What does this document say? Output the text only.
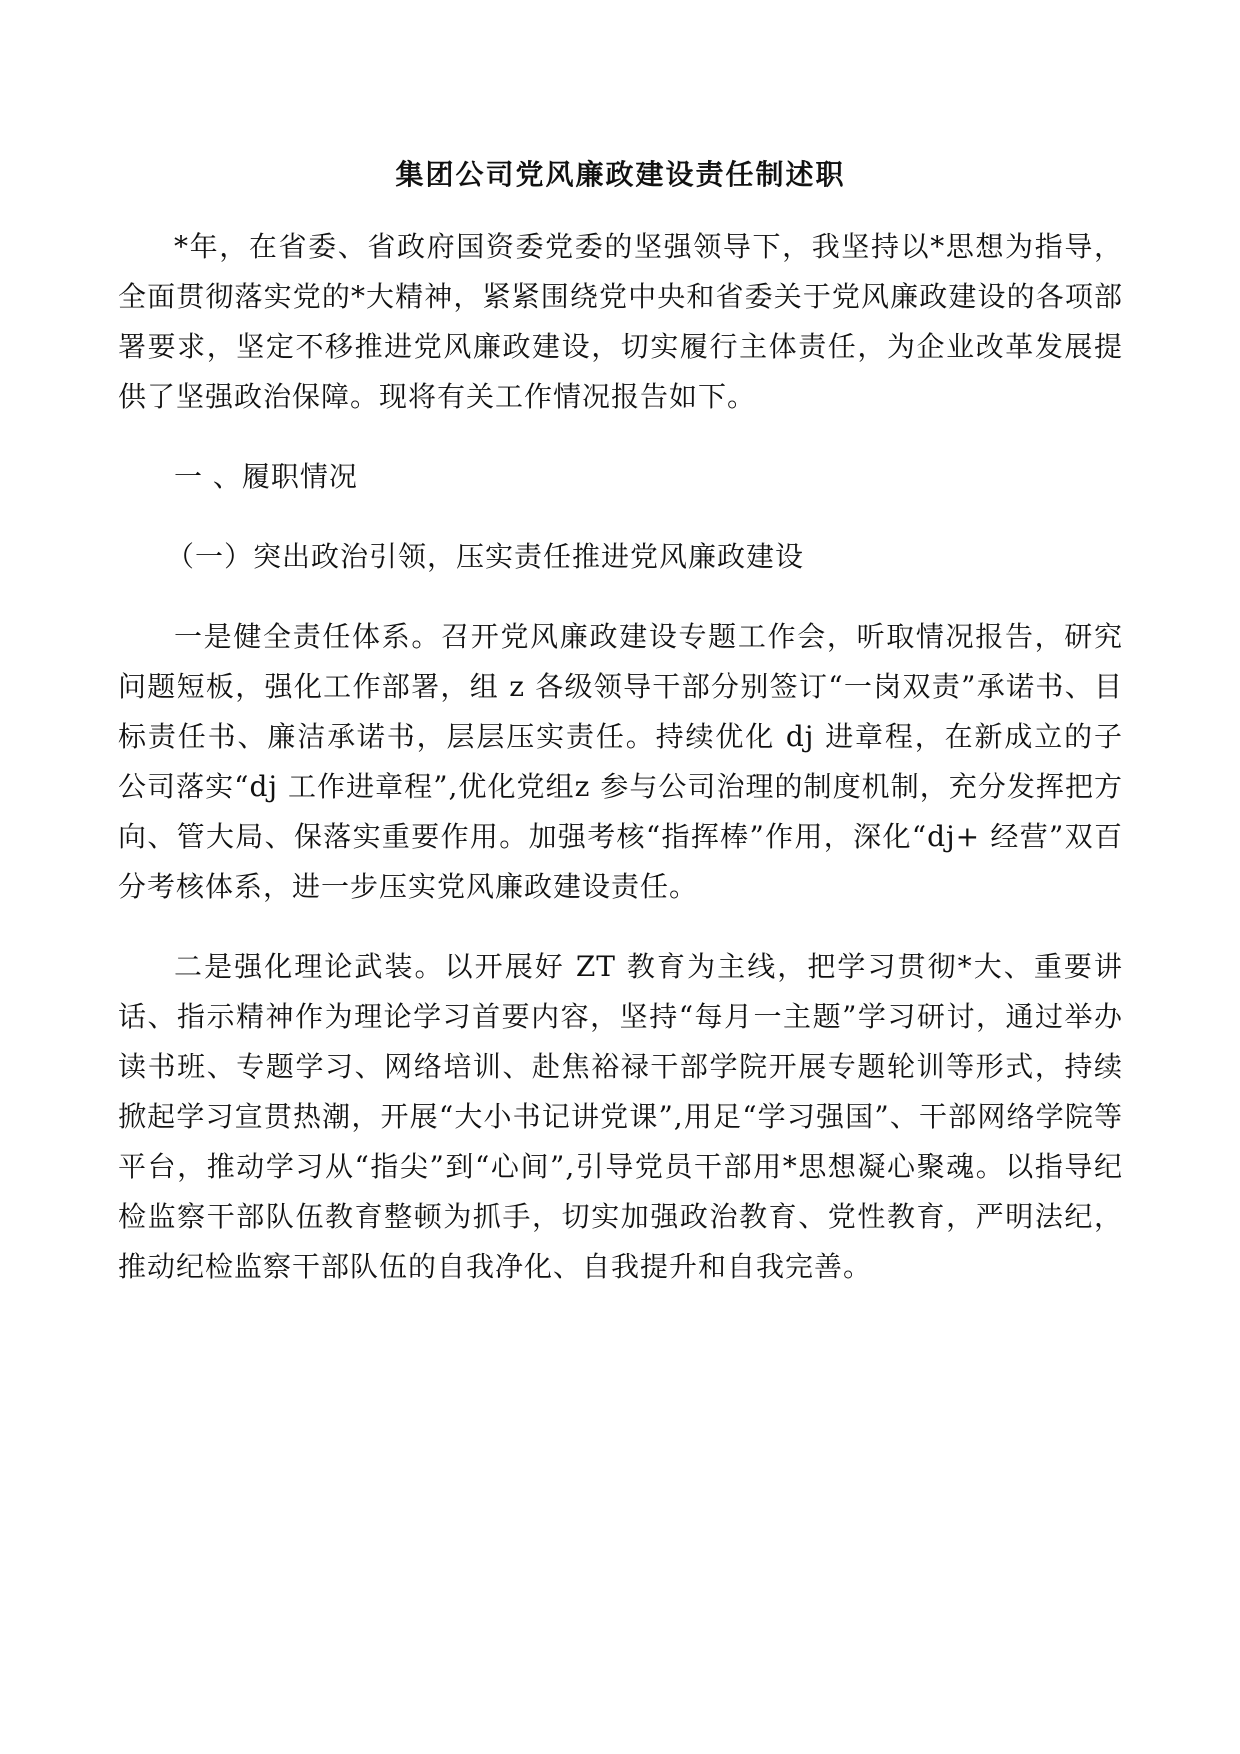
集团公司党风廉政建设责任制述职

*年，在省委、省政府国资委党委的坚强领导下，我坚持以*思想为指导，全面贯彻落实党的*大精神，紧紧围绕党中央和省委关于党风廉政建设的各项部署要求，坚定不移推进党风廉政建设，切实履行主体责任，为企业改革发展提供了坚强政治保障。现将有关工作情况报告如下。

一 、履职情况

（一）突出政治引领，压实责任推进党风廉政建设

一是健全责任体系。召开党风廉政建设专题工作会，听取情况报告，研究问题短板，强化工作部署，组 z 各级领导干部分别签订“一岗双责”承诺书、目标责任书、廉洁承诺书，层层压实责任。持续优化 dj 进章程，在新成立的子公司落实“dj 工作进章程”,优化党组z 参与公司治理的制度机制，充分发挥把方向、管大局、保落实重要作用。加强考核“指挥棒”作用，深化“dj+ 经营”双百分考核体系，进一步压实党风廉政建设责任。

二是强化理论武装。以开展好 ZT 教育为主线，把学习贯彻*大、重要讲话、指示精神作为理论学习首要内容，坚持“每月一主题”学习研讨，通过举办读书班、专题学习、网络培训、赴焦裕禄干部学院开展专题轮训等形式，持续掀起学习宣贯热潮，开展“大小书记讲党课”,用足“学习强国”、干部网络学院等平台，推动学习从“指尖”到“心间”,引导党员干部用*思想凝心聚魂。以指导纪检监察干部队伍教育整顿为抓手，切实加强政治教育、党性教育，严明法纪，推动纪检监察干部队伍的自我净化、自我提升和自我完善。
